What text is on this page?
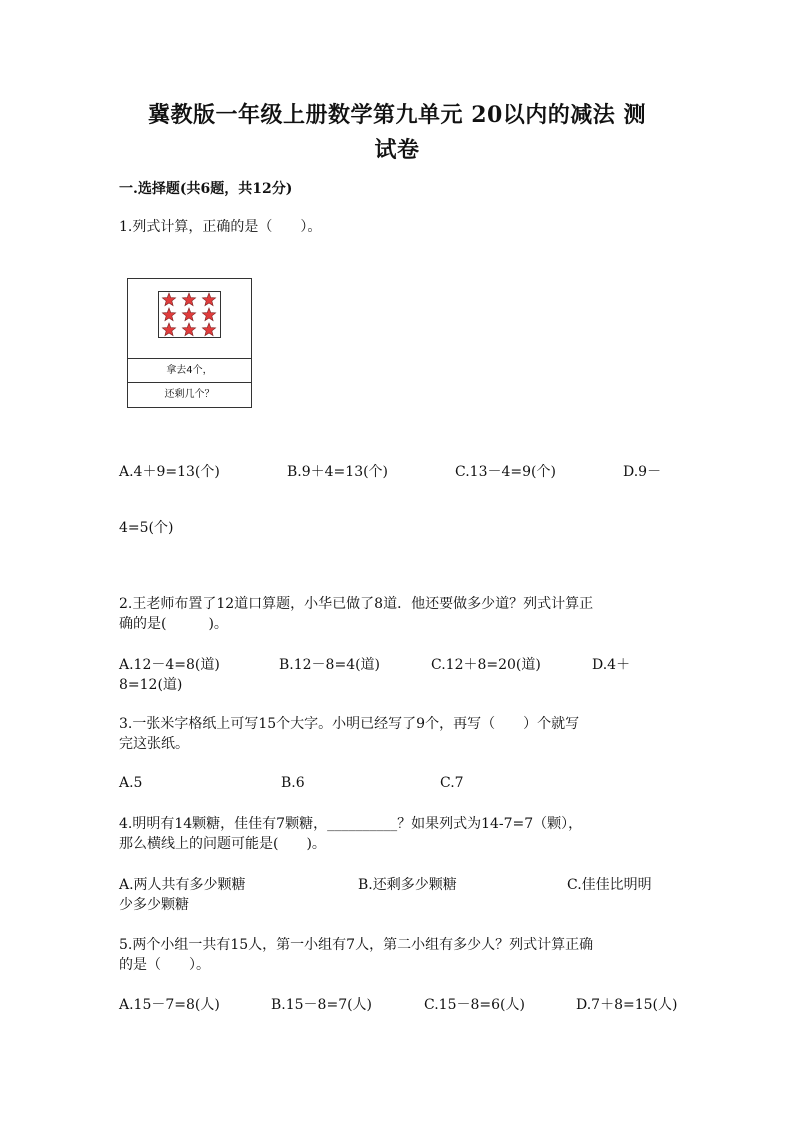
冀教版一年级上册数学第九单元 20以内的减法 测
试卷
一.选择题(共6题，共12分)
1.列式计算，正确的是（　　）。
拿去4个，
还剩几个？
A.4＋9=13(个)	B.9＋4=13(个)	C.13－4=9(个)	D.9－
4=5(个)
2.王老师布置了12道口算题，小华已做了8道．他还要做多少道？列式计算正
确的是(　　　)。
A.12－4=8(道)	B.12－8=4(道)	C.12＋8=20(道)	D.4＋
8=12(道)
3.一张米字格纸上可写15个大字。小明已经写了9个，再写（　　）个就写
完这张纸。
A.5	B.6	C.7
4.明明有14颗糖，佳佳有7颗糖，__________？如果列式为14-7=7（颗），
那么横线上的问题可能是(　　)。
A.两人共有多少颗糖	B.还剩多少颗糖	C.佳佳比明明
少多少颗糖
5.两个小组一共有15人，第一小组有7人，第二小组有多少人？列式计算正确
的是（　　）。
A.15－7=8(人)	B.15－8=7(人)	C.15－8=6(人)	D.7＋8=15(人)
